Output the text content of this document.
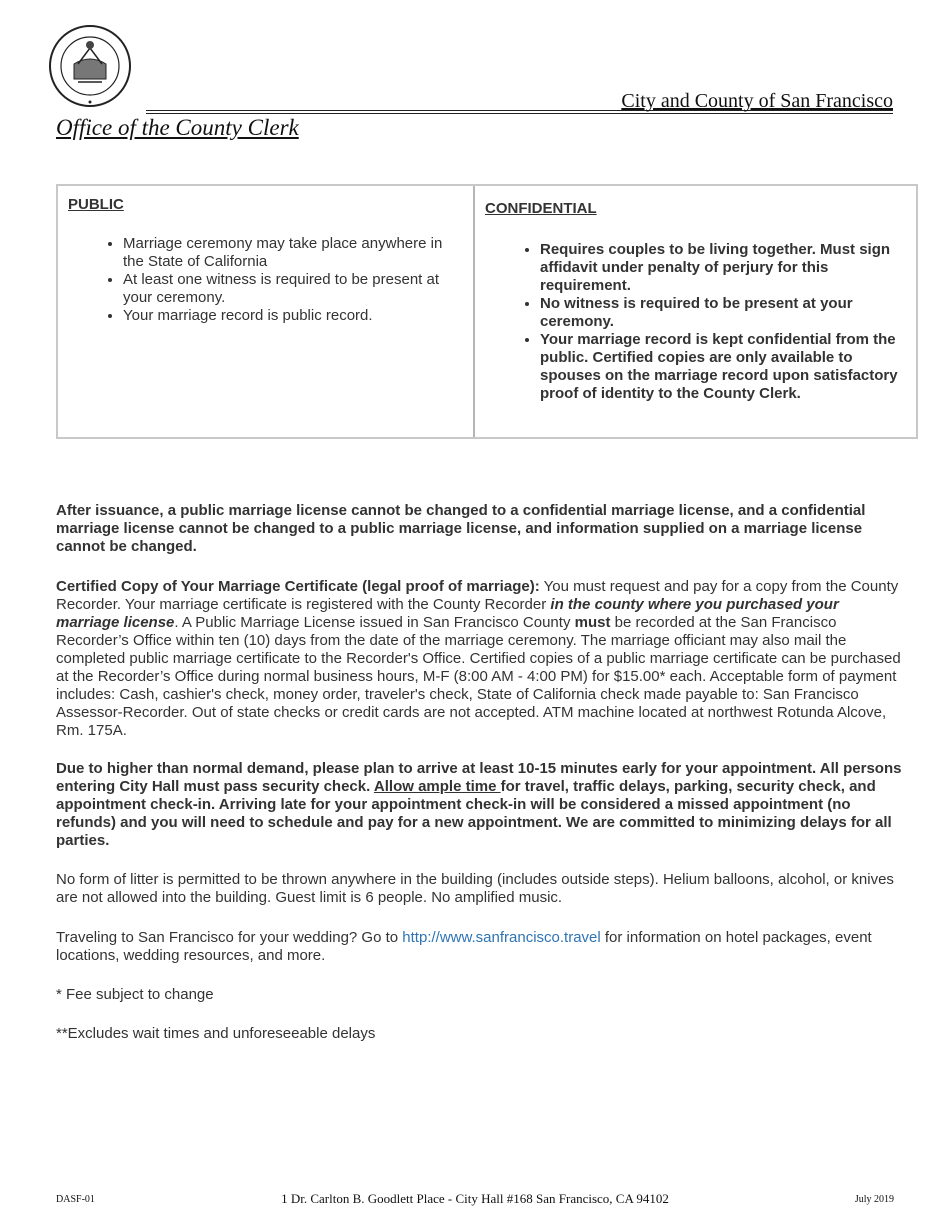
City and County of San Francisco
Office of the County Clerk
PUBLIC
• Marriage ceremony may take place anywhere in the State of California
• At least one witness is required to be present at your ceremony.
• Your marriage record is public record.
CONFIDENTIAL
• Requires couples to be living together. Must sign affidavit under penalty of perjury for this requirement.
• No witness is required to be present at your ceremony.
• Your marriage record is kept confidential from the public. Certified copies are only available to spouses on the marriage record upon satisfactory proof of identity to the County Clerk.

After issuance, a public marriage license cannot be changed to a confidential marriage license, and a confidential marriage license cannot be changed to a public marriage license, and information supplied on a marriage license cannot be changed.

Certified Copy of Your Marriage Certificate (legal proof of marriage): You must request and pay for a copy from the County Recorder. Your marriage certificate is registered with the County Recorder in the county where you purchased your marriage license. A Public Marriage License issued in San Francisco County must be recorded at the San Francisco Recorder’s Office within ten (10) days from the date of the marriage ceremony. The marriage officiant may also mail the completed public marriage certificate to the Recorder's Office. Certified copies of a public marriage certificate can be purchased at the Recorder’s Office during normal business hours, M-F (8:00 AM - 4:00 PM) for $15.00* each. Acceptable form of payment includes: Cash, cashier's check, money order, traveler's check, State of California check made payable to: San Francisco Assessor-Recorder. Out of state checks or credit cards are not accepted. ATM machine located at northwest Rotunda Alcove, Rm. 175A.

Due to higher than normal demand, please plan to arrive at least 10-15 minutes early for your appointment. All persons entering City Hall must pass security check. Allow ample time for travel, traffic delays, parking, security check, and appointment check-in. Arriving late for your appointment check-in will be considered a missed appointment (no refunds) and you will need to schedule and pay for a new appointment. We are committed to minimizing delays for all parties.

No form of litter is permitted to be thrown anywhere in the building (includes outside steps). Helium balloons, alcohol, or knives are not allowed into the building. Guest limit is 6 people. No amplified music.

Traveling to San Francisco for your wedding? Go to http://www.sanfrancisco.travel for information on hotel packages, event locations, wedding resources, and more.

* Fee subject to change

**Excludes wait times and unforeseeable delays

DASF-01	1 Dr. Carlton B. Goodlett Place - City Hall #168 San Francisco, CA 94102	July 2019
